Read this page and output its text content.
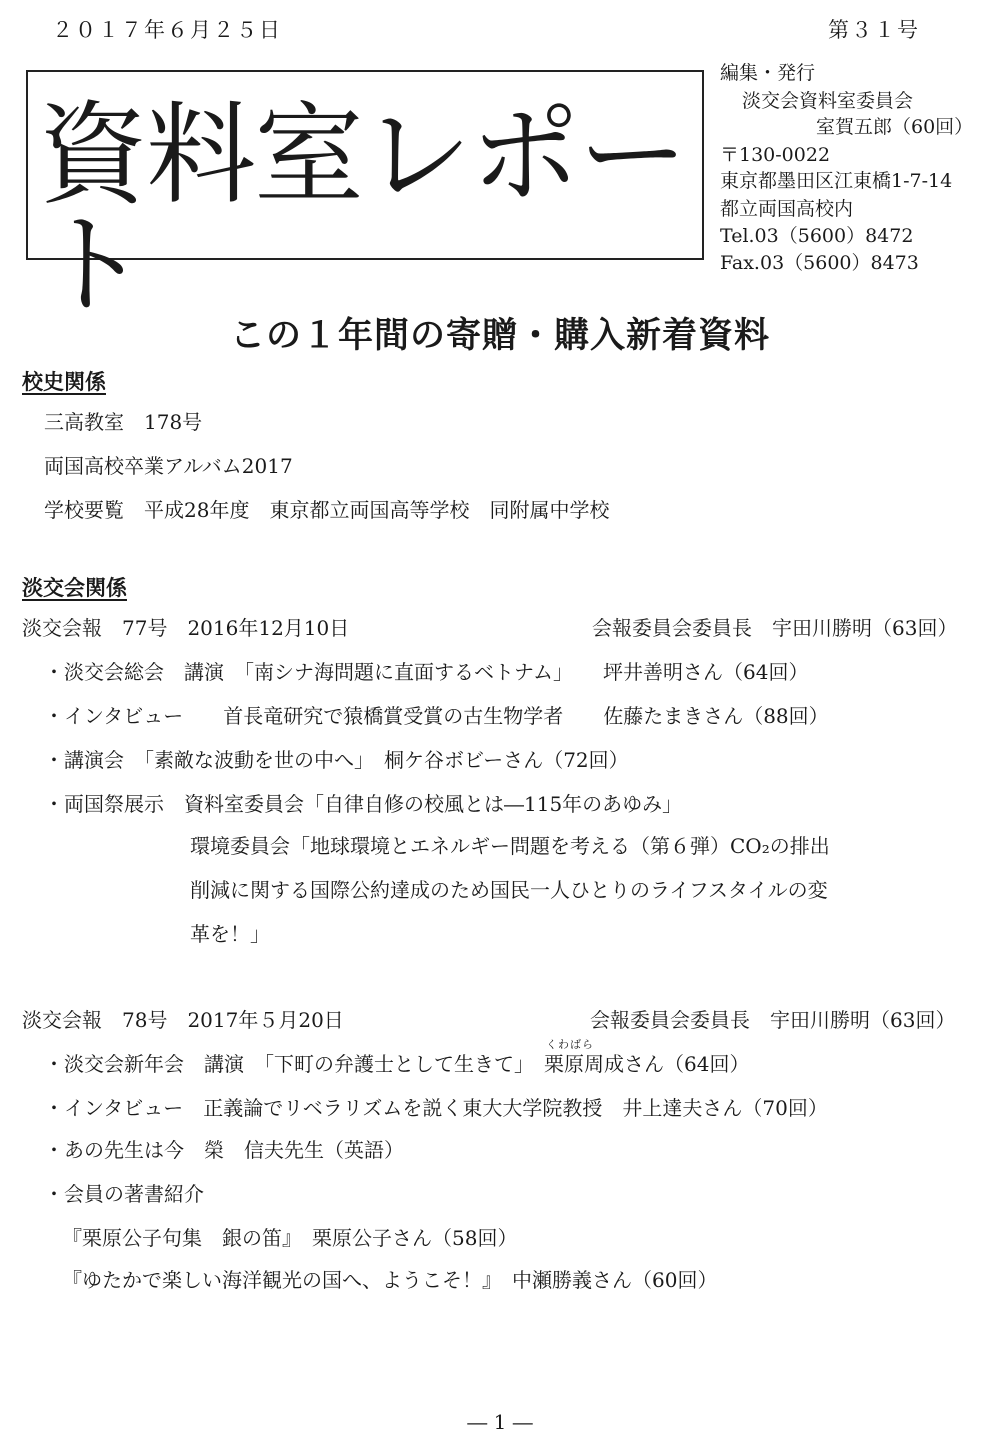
２０１７年６月２５日	第３１号
資料室レポート
編集・発行
淡交会資料室委員会
室賀五郎（60回）
〒130-0022
東京都墨田区江東橋1-7-14
都立両国高校内
Tel.03（5600）8472
Fax.03（5600）8473
この１年間の寄贈・購入新着資料
校史関係
三高教室　178号
両国高校卒業アルバム2017
学校要覧　平成28年度　東京都立両国高等学校　同附属中学校
淡交会関係
淡交会報　77号　2016年12月10日	会報委員会委員長　宇田川勝明（63回）
・淡交会総会　講演　「南シナ海問題に直面するベトナム」　　坪井善明さん（64回）
・インタビュー　　首長竜研究で猿橋賞受賞の古生物学者　　佐藤たまきさん（88回）
・講演会　「素敵な波動を世の中へ」　桐ケ谷ボビーさん（72回）
・両国祭展示　資料室委員会「自律自修の校風とは―115年のあゆみ」
環境委員会「地球環境とエネルギー問題を考える（第６弾）CO₂の排出
削減に関する国際公約達成のため国民一人ひとりのライフスタイルの変
革を！」
淡交会報　78号　2017年５月20日	会報委員会委員長　宇田川勝明（63回）
・淡交会新年会　講演　「下町の弁護士として生きて」　
くわばら
栗原周成さん（64回）
・インタビュー　正義論でリベラリズムを説く東大大学院教授　井上達夫さん（70回）
・あの先生は今　榮　信夫先生（英語）
・会員の著書紹介
『栗原公子句集　銀の笛』　栗原公子さん（58回）
『ゆたかで楽しい海洋観光の国へ、ようこそ！』　中瀬勝義さん（60回）
― 1 ―
